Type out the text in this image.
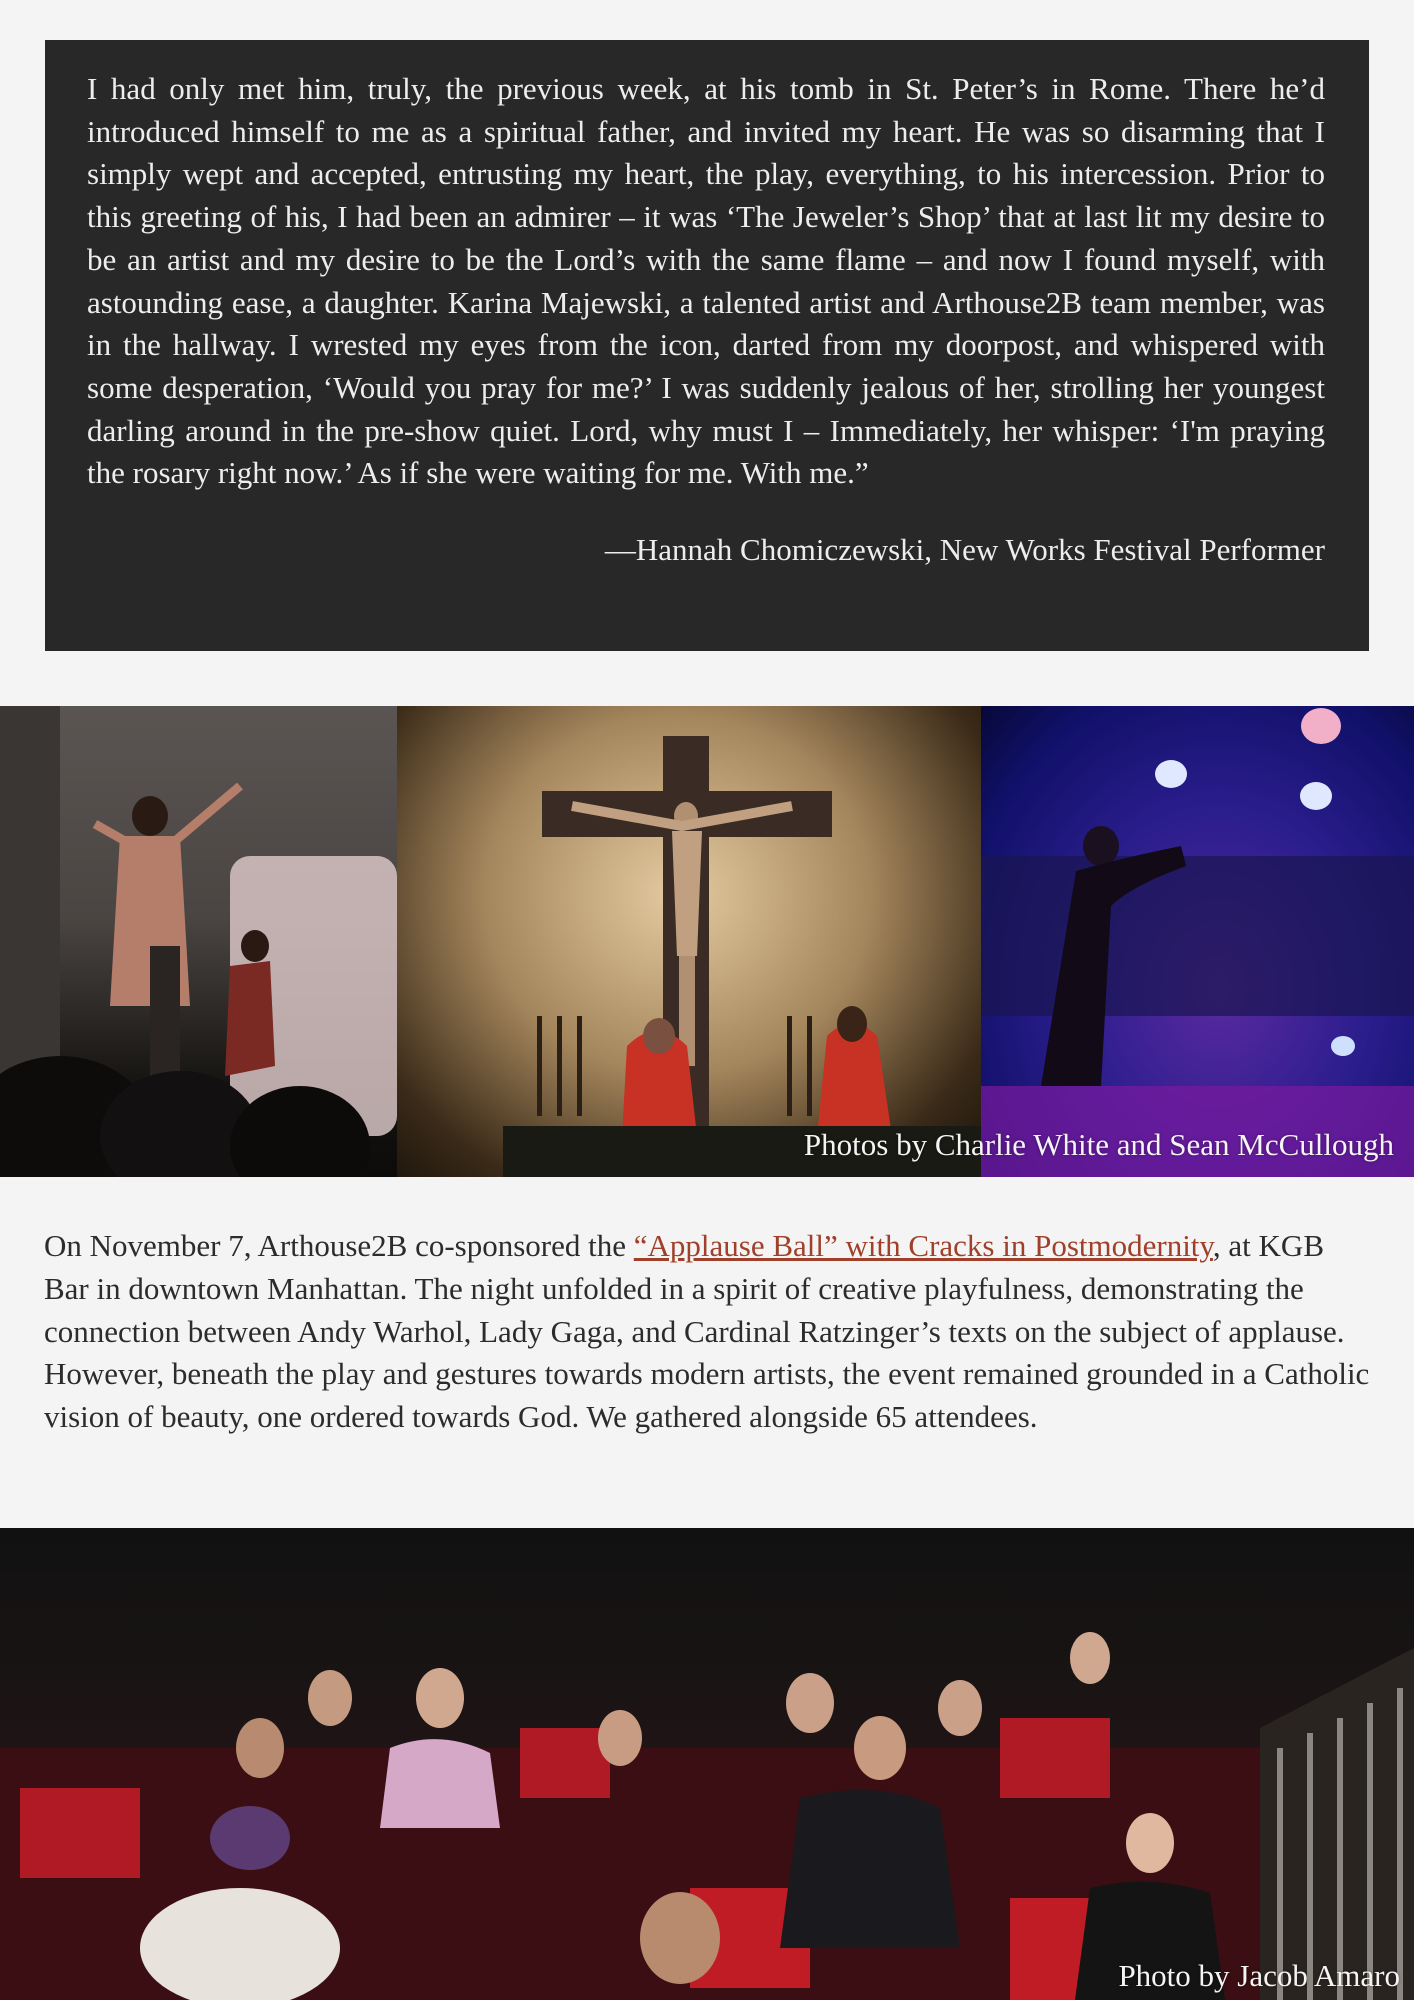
I had only met him, truly, the previous week, at his tomb in St. Peter’s in Rome. There he’d introduced himself to me as a spiritual father, and invited my heart. He was so disarming that I simply wept and accepted, entrusting my heart, the play, everything, to his intercession. Prior to this greeting of his, I had been an admirer – it was ‘The Jeweler’s Shop’ that at last lit my desire to be an artist and my desire to be the Lord’s with the same flame – and now I found myself, with astounding ease, a daughter. Karina Majewski, a talented artist and Arthouse2B team member, was in the hallway. I wrested my eyes from the icon, darted from my doorpost, and whispered with some desperation, ‘Would you pray for me?’ I was suddenly jealous of her, strolling her youngest darling around in the pre-show quiet. Lord, why must I – Immediately, her whisper: ‘I'm praying the rosary right now.’ As if she were waiting for me. With me.”

—Hannah Chomiczewski, New Works Festival Performer

Photos by Charlie White and Sean McCullough

On November 7, Arthouse2B co-sponsored the “Applause Ball” with Cracks in Postmodernity, at KGB Bar in downtown Manhattan. The night unfolded in a spirit of creative playfulness, demonstrating the connection between Andy Warhol, Lady Gaga, and Cardinal Ratzinger’s texts on the subject of applause. However, beneath the play and gestures towards modern artists, the event remained grounded in a Catholic vision of beauty, one ordered towards God. We gathered alongside 65 attendees.

Photo by Jacob Amaro
